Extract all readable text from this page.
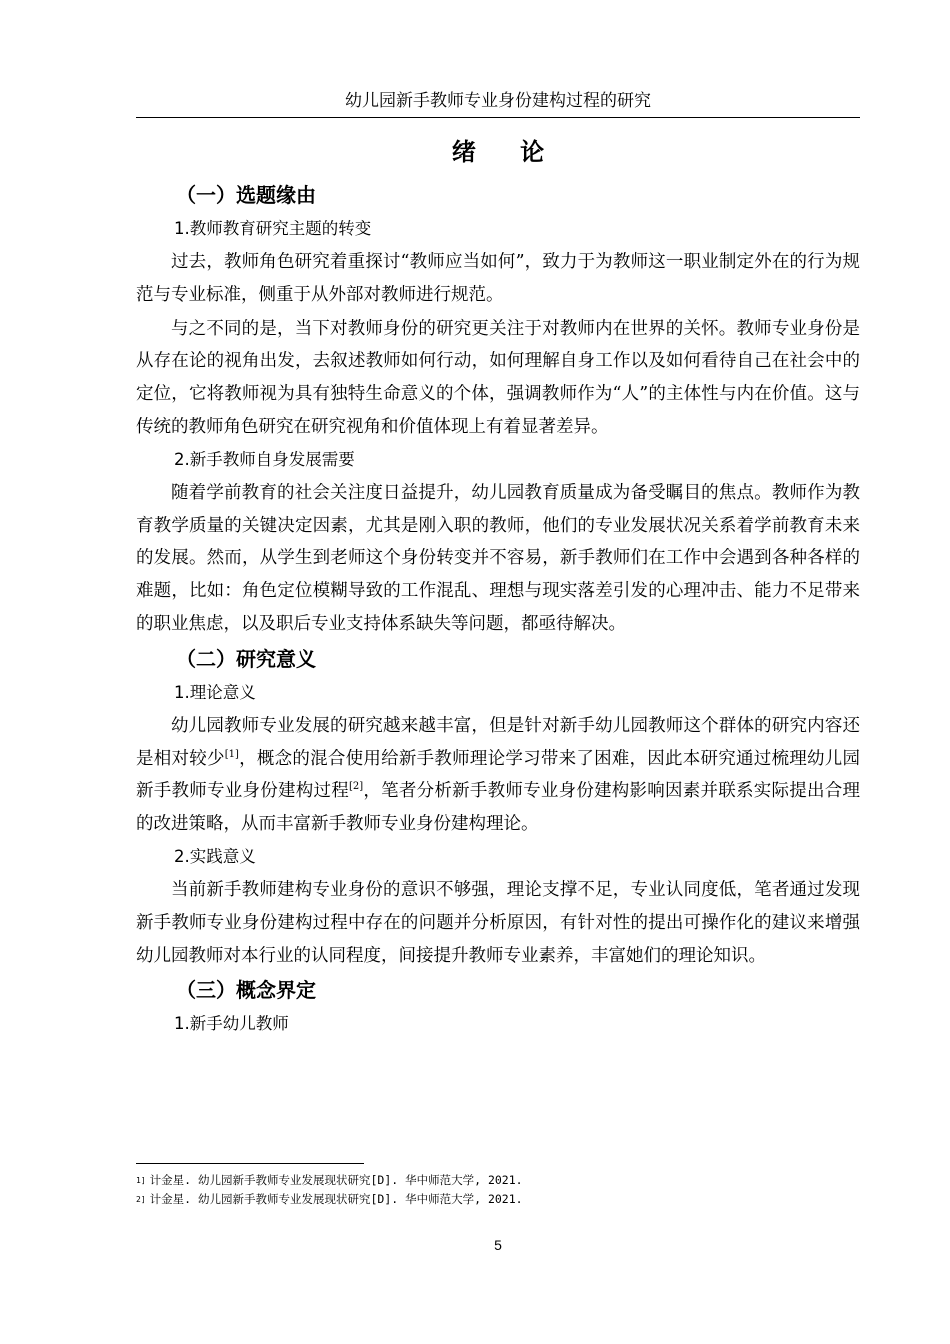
幼儿园新手教师专业身份建构过程的研究
绪 论
（一）选题缘由
1.教师教育研究主题的转变

过去，教师角色研究着重探讨“教师应当如何”，致力于为教师这一职业制定外在的行为规范与专业标准，侧重于从外部对教师进行规范。

与之不同的是，当下对教师身份的研究更关注于对教师内在世界的关怀。教师专业身份是从存在论的视角出发，去叙述教师如何行动，如何理解自身工作以及如何看待自己在社会中的定位，它将教师视为具有独特生命意义的个体，强调教师作为“人”的主体性与内在价值。这与传统的教师角色研究在研究视角和价值体现上有着显著差异。

2.新手教师自身发展需要

随着学前教育的社会关注度日益提升，幼儿园教育质量成为备受瞩目的焦点。教师作为教育教学质量的关键决定因素，尤其是刚入职的教师，他们的专业发展状况关系着学前教育未来的发展。然而，从学生到老师这个身份转变并不容易，新手教师们在工作中会遇到各种各样的难题，比如：角色定位模糊导致的工作混乱、理想与现实落差引发的心理冲击、能力不足带来的职业焦虑，以及职后专业支持体系缺失等问题，都亟待解决。

（二）研究意义
1.理论意义

幼儿园教师专业发展的研究越来越丰富，但是针对新手幼儿园教师这个群体的研究内容还是相对较少[1]，概念的混合使用给新手教师理论学习带来了困难，因此本研究通过梳理幼儿园新手教师专业身份建构过程[2]，笔者分析新手教师专业身份建构影响因素并联系实际提出合理的改进策略，从而丰富新手教师专业身份建构理论。

2.实践意义

当前新手教师建构专业身份的意识不够强，理论支撑不足，专业认同度低，笔者通过发现新手教师专业身份建构过程中存在的问题并分析原因，有针对性的提出可操作化的建议来增强幼儿园教师对本行业的认同程度，间接提升教师专业素养，丰富她们的理论知识。

（三）概念界定
1.新手幼儿教师
$^{1]}$ 计金星. 幼儿园新手教师专业发展现状研究[D]. 华中师范大学, 2021.
$^{2]}$ 计金星. 幼儿园新手教师专业发展现状研究[D]. 华中师范大学, 2021.
5
